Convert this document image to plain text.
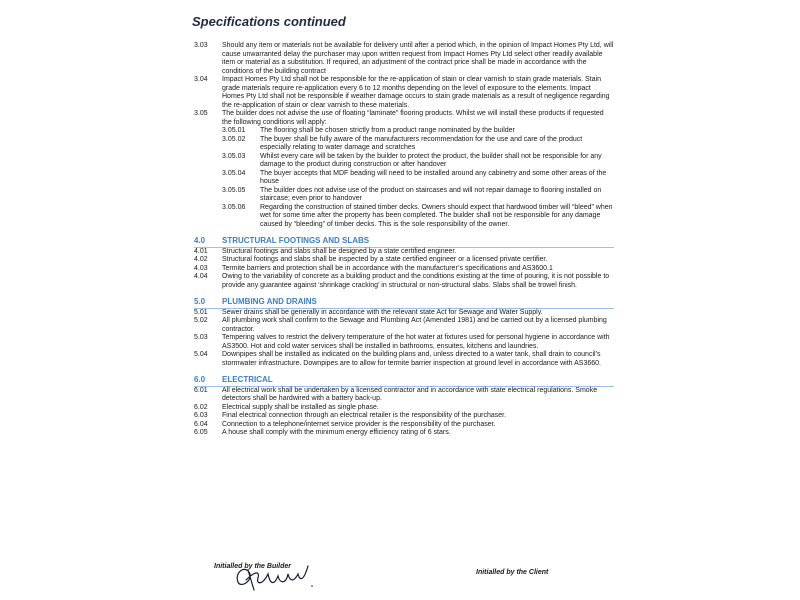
Specifications continued
3.03	Should any item or materials not be available for delivery until after a period which, in the opinion of Impact Homes Pty Ltd, will cause unwarranted delay the purchaser may upon written request from Impact Homes Pty Ltd select other readily available item or material as a substitution. If required, an adjustment of the contract price shall be made in accordance with the conditions of the building contract
3.04	Impact Homes Pty Ltd shall not be responsible for the re-application of stain or clear varnish to stain grade materials. Stain grade materials require re-application every 6 to 12 months depending on the level of exposure to the elements. Impact Homes Pty Ltd shall not be responsible if weather damage occurs to stain grade materials as a result of negligence regarding the re-application of stain or clear varnish to these materials.
3.05	The builder does not advise the use of floating “laminate” flooring products. Whilst we will install these products if requested the following conditions will apply:
3.05.01	The flooring shall be chosen strictly from a product range nominated by the builder
3.05.02	The buyer shall be fully aware of the manufacturers recommendation for the use and care of the product especially relating to water damage and scratches
3.05.03	Whilst every care will be taken by the builder to protect the product, the builder shall not be responsible for any damage to the product during construction or after handover
3.05.04	The buyer accepts that MDF beading will need to be installed around any cabinetry and some other areas of the house
3.05.05	The builder does not advise use of the product on staircases and will not repair damage to flooring installed on staircase; even prior to handover
3.05.06	Regarding the construction of stained timber decks. Owners should expect that hardwood timber will “bleed” when wet for some time after the property has been completed. The builder shall not be responsible for any damage caused by “bleeding” of timber decks. This is the sole responsibility of the owner.
4.0	STRUCTURAL FOOTINGS AND SLABS
4.01	Structural footings and slabs shall be designed by a state certified engineer.
4.02	Structural footings and slabs shall be inspected by a state certified engineer or a licensed private certifier.
4.03	Termite barriers and protection shall be in accordance with the manufacturer’s specifications and AS3600.1
4.04	Owing to the variability of concrete as a building product and the conditions existing at the time of pouring, it is not possible to provide any guarantee against ‘shrinkage cracking’ in structural or non-structural slabs. Slabs shall be trowel finish.
5.0	PLUMBING AND DRAINS
5.01	Sewer drains shall be generally in accordance with the relevant state Act for Sewage and Water Supply.
5.02	All plumbing work shall confirm to the Sewage and Plumbing Act (Amended 1981) and be carried out by a licensed plumbing contractor.
5.03	Tempering valves to restrict the delivery temperature of the hot water at fixtures used for personal hygiene in accordance with AS3500. Hot and cold water services shall be installed in bathrooms, ensuites, kitchens and laundries.
5.04	Downpipes shall be installed as indicated on the building plans and, unless directed to a water tank, shall drain to council’s stormwater infrastructure. Downpipes are to allow for termite barrier inspection at ground level in accordance with AS3660.
6.0	ELECTRICAL
6.01	All electrical work shall be undertaken by a licensed contractor and in accordance with state electrical regulations. Smoke detectors shall be hardwired with a battery back-up.
6.02	Electrical supply shall be installed as single phase.
6.03	Final electrical connection through an electrical retailer is the responsibility of the purchaser.
6.04	Connection to a telephone/internet service provider is the responsibility of the purchaser.
6.05	A house shall comply with the minimum energy efficiency rating of 6 stars.
Initialled by the Builder
Initialled by the Client
